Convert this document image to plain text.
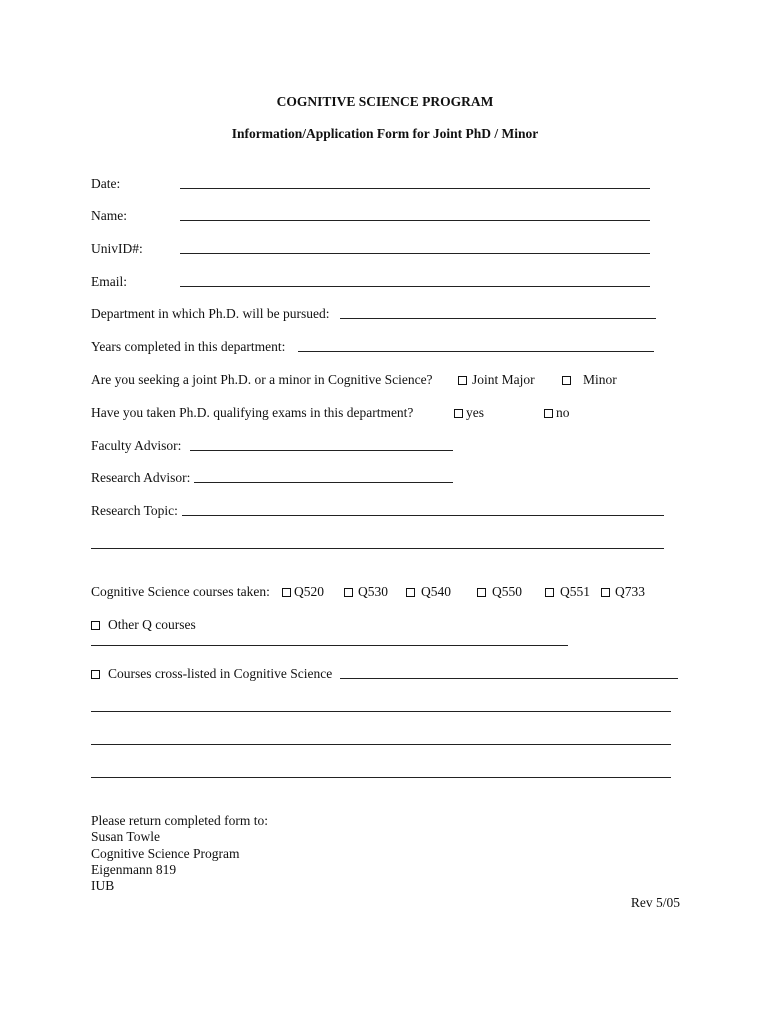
COGNITIVE SCIENCE PROGRAM
Information/Application Form for Joint PhD / Minor
Date:
Name:
UnivID#:
Email:
Department in which Ph.D. will be pursued:
Years completed in this department:
Are you seeking a joint Ph.D. or a minor in Cognitive Science?	Joint Major	Minor
Have you taken Ph.D. qualifying exams in this department?	yes	no
Faculty Advisor:
Research Advisor:
Research Topic:
Cognitive Science courses taken:	Q520	Q530	Q540	Q550	Q551	Q733
Other Q courses
Courses cross-listed in Cognitive Science
Please return completed form to:
Susan Towle
Cognitive Science Program
Eigenmann 819
IUB
Rev 5/05
